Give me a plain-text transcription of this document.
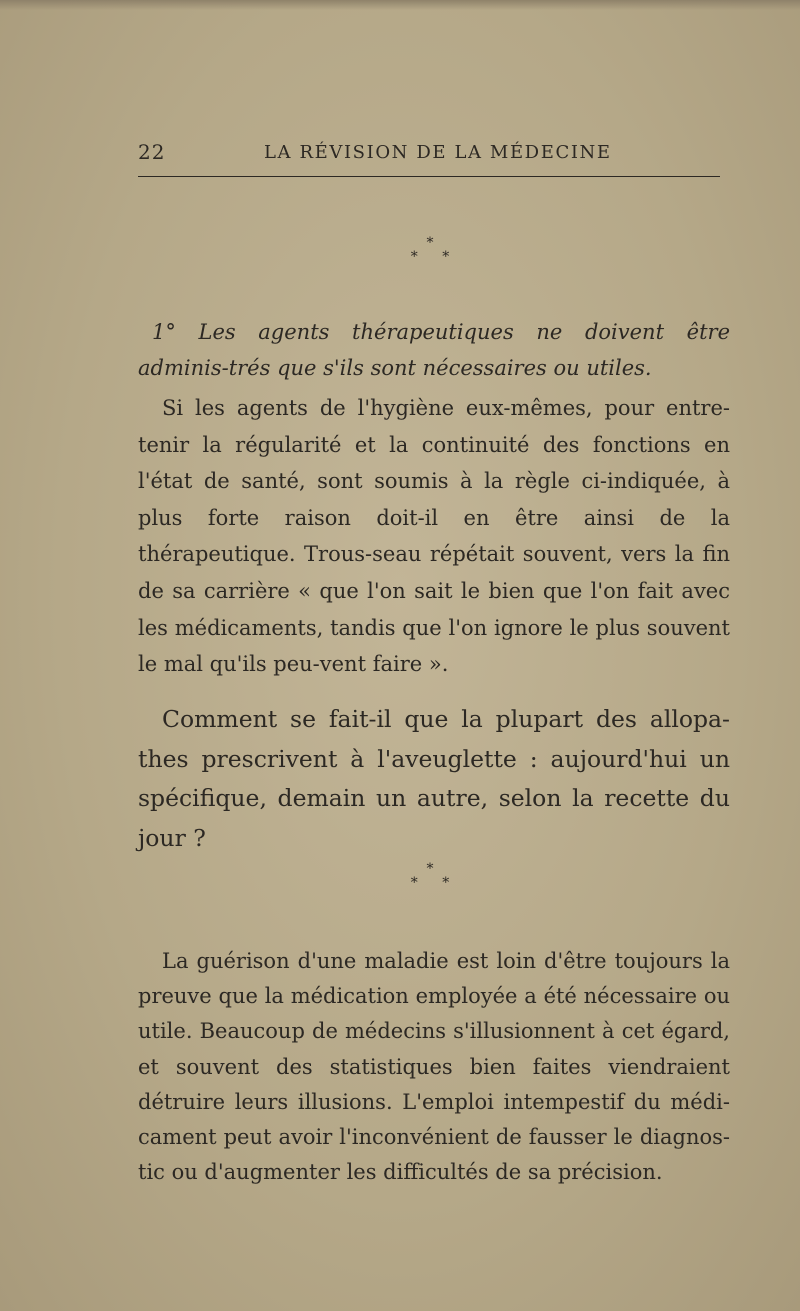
22	LA RÉVISION DE LA MÉDECINE
*
* *

1° Les agents thérapeutiques ne doivent être adminis-trés que s'ils sont nécessaires ou utiles.

Si les agents de l'hygiène eux-mêmes, pour entre-tenir la régularité et la continuité des fonctions en l'état de santé, sont soumis à la règle ci-indiquée, à plus forte raison doit-il en être ainsi de la thérapeutique. Trous-seau répétait souvent, vers la fin de sa carrière « que l'on sait le bien que l'on fait avec les médicaments, tandis que l'on ignore le plus souvent le mal qu'ils peu-vent faire ».

Comment se fait-il que la plupart des allopa-thes prescrivent à l'aveuglette : aujourd'hui un spécifique, demain un autre, selon la recette du jour ?

*
* *

La guérison d'une maladie est loin d'être toujours la preuve que la médication employée a été nécessaire ou utile. Beaucoup de médecins s'illusionnent à cet égard, et souvent des statistiques bien faites viendraient détruire leurs illusions. L'emploi intempestif du médi-cament peut avoir l'inconvénient de fausser le diagnos-tic ou d'augmenter les difficultés de sa précision.
